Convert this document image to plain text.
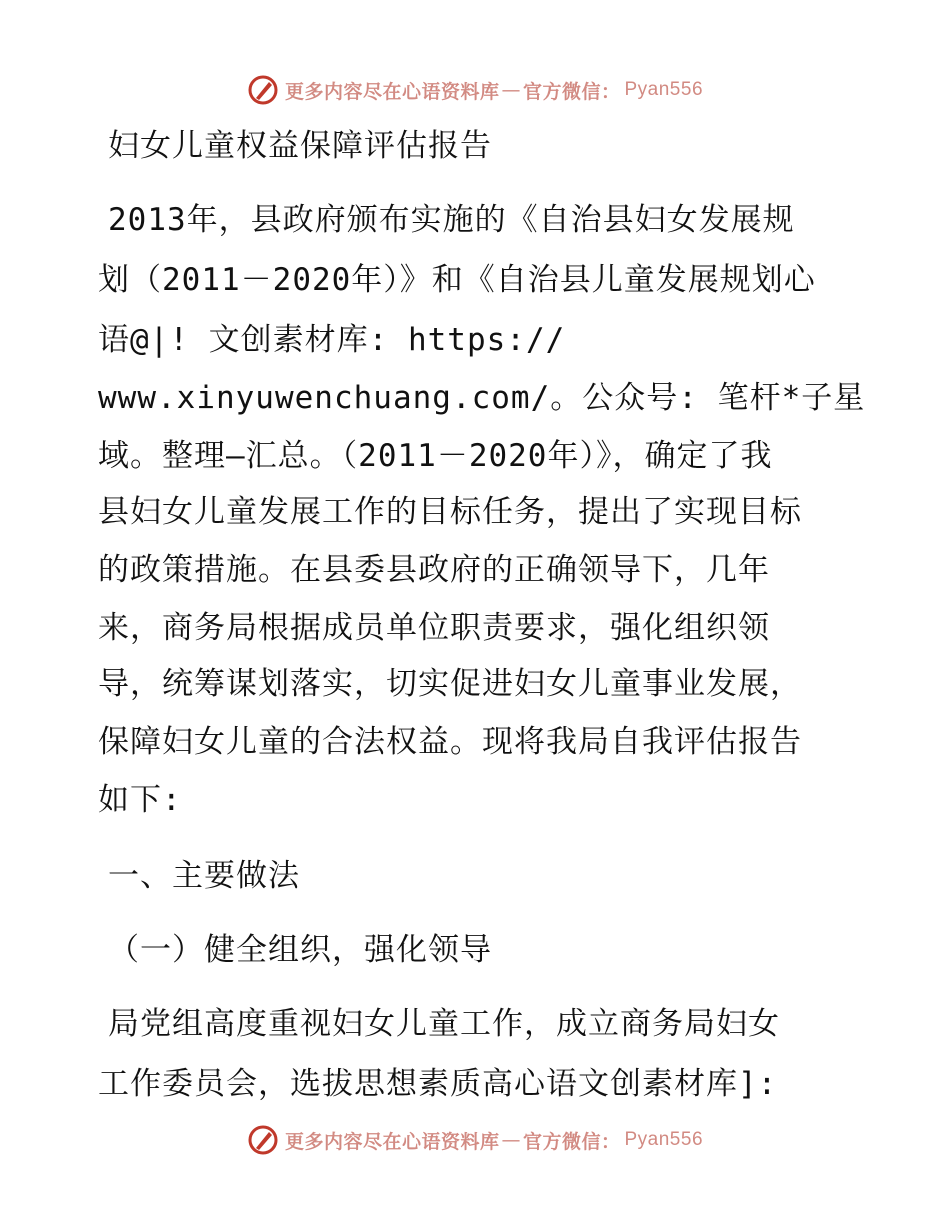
更多内容尽在心语资料库 — 官方微信： Pyan556
妇女儿童权益保障评估报告
2013年，县政府颁布实施的《自治县妇女发展规
划（2011－2020年）》和《自治县儿童发展规划心
语@|! 文创素材库: https://
www.xinyuwenchuang.com/。公众号: 笔杆*子星
域。整理—汇总。（2011－2020年）》，确定了我
县妇女儿童发展工作的目标任务，提出了实现目标
的政策措施。在县委县政府的正确领导下，几年
来，商务局根据成员单位职责要求，强化组织领
导，统筹谋划落实，切实促进妇女儿童事业发展，
保障妇女儿童的合法权益。现将我局自我评估报告
如下:
一、主要做法
（一）健全组织，强化领导
局党组高度重视妇女儿童工作，成立商务局妇女
工作委员会，选拔思想素质高心语文创素材库]:
更多内容尽在心语资料库 — 官方微信： Pyan556
